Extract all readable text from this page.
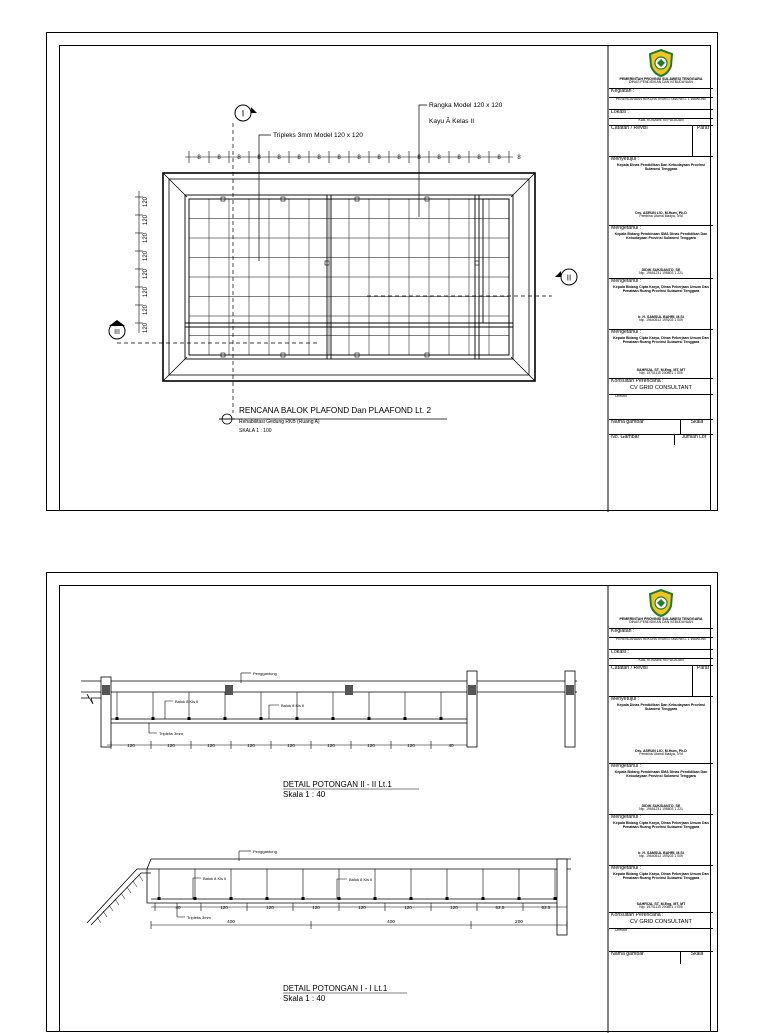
8	8	8	8	8	8	8	8	8	8	8	8	8	8	8	8	8
120
120
120
120
120
120
120
120
Tripleks 3mm Model 120 x 120
Rangka Model 120 x 120
Kayu Ã Kelas II
I
II
III
RENCANA BALOK PLAFOND Dan PLAAFOND Lt. 2
Rehabilitasi Gedung RKB (Ruang A)
SKALA 1 : 100
PEMERINTAH PROVINSI SULAWESI TENGGARA
DINAS PENDIDIKAN DAN KEBUDAYAAN
Kegiatan :
PERENCANAAN REKONSTRUKSI SMA NEG. 1 WAWONII
Lokasi :
KAB. KONAWE KEPULAUAN
Catatan / Revisi	Paraf
Menyetujui :
Kepala Dinas Pendidikan Dan Kebudayaan Provinsi Sulawesi Tenggara
Drs. ASRUN LIO, M.Hum, Ph.D
Pembina Utama Madya, IV/d
Mengetahui :
Kepala Bidang Pembinaan SMA Dinas Pendidikan Dan Kebudayaan Provinsi Sulawesi Tenggara
DIDIK SUKSIANTO, SE
Nip. 19651231 198803 1 221
Mengetahui :
Kepala Bidang Cipta Karya, Dinas Pekerjaan Umum Dan Penataan Ruang Provinsi Sulawesi Tenggara
Ir. H. SAMSUL BAHRI, M.Si
Nip. 19640512 199203 1 009
Mengetahui :
Kepala Bidang Cipta Karya, Dinas Pekerjaan Umum Dan Penataan Ruang Provinsi Sulawesi Tenggara
SAHRIJA, ST, M.Eng, MT, MT
Nip. 19741110 200801 1 005
Konsultan Perencana :
CV GRID CONSULTANT
Direktur
Nama gambar	Skala
No. Gambar	Jumlah Lbr
Penggantung
Balok 8 Kls II
Balok 8 Kls II
Tripleks 3mm
120	120	120	120	120	120	120	120	40
DETAIL POTONGAN II - II Lt.1
Skala 1 : 40
Penggantung
Balok 8 Kls II	Balok 8 Kls II
Tripleks 3mm
40	120	120	120	120	120	120	62.5	62.5
400	400	200
DETAIL POTONGAN I - I Lt.1
Skala 1 : 40
PEMERINTAH PROVINSI SULAWESI TENGGARA
DINAS PENDIDIKAN DAN KEBUDAYAAN
Kegiatan :
PERENCANAAN REKONSTRUKSI SMA NEG. 1 WAWONII
Lokasi :
KAB. KONAWE KEPULAUAN
Catatan / Revisi	Paraf
Menyetujui :
Kepala Dinas Pendidikan Dan Kebudayaan Provinsi Sulawesi Tenggara
Drs. ASRUN LIO, M.Hum, Ph.D
Pembina Utama Madya, IV/d
Mengetahui :
Kepala Bidang Pembinaan SMA Dinas Pendidikan Dan Kebudayaan Provinsi Sulawesi Tenggara
DIDIK SUKSIANTO, SE
Nip. 19651231 198803 1 221
Mengetahui :
Kepala Bidang Cipta Karya, Dinas Pekerjaan Umum Dan Penataan Ruang Provinsi Sulawesi Tenggara
Ir. H. SAMSUL BAHRI, M.Si
Nip. 19640512 199203 1 009
Mengetahui :
Kepala Bidang Cipta Karya, Dinas Pekerjaan Umum Dan Penataan Ruang Provinsi Sulawesi Tenggara
SAHRIJA, ST, M.Eng, MT, MT
Nip. 19741110 200801 1 005
Konsultan Perencana :
CV GRID CONSULTANT
Direktur
Nama gambar	Skala
